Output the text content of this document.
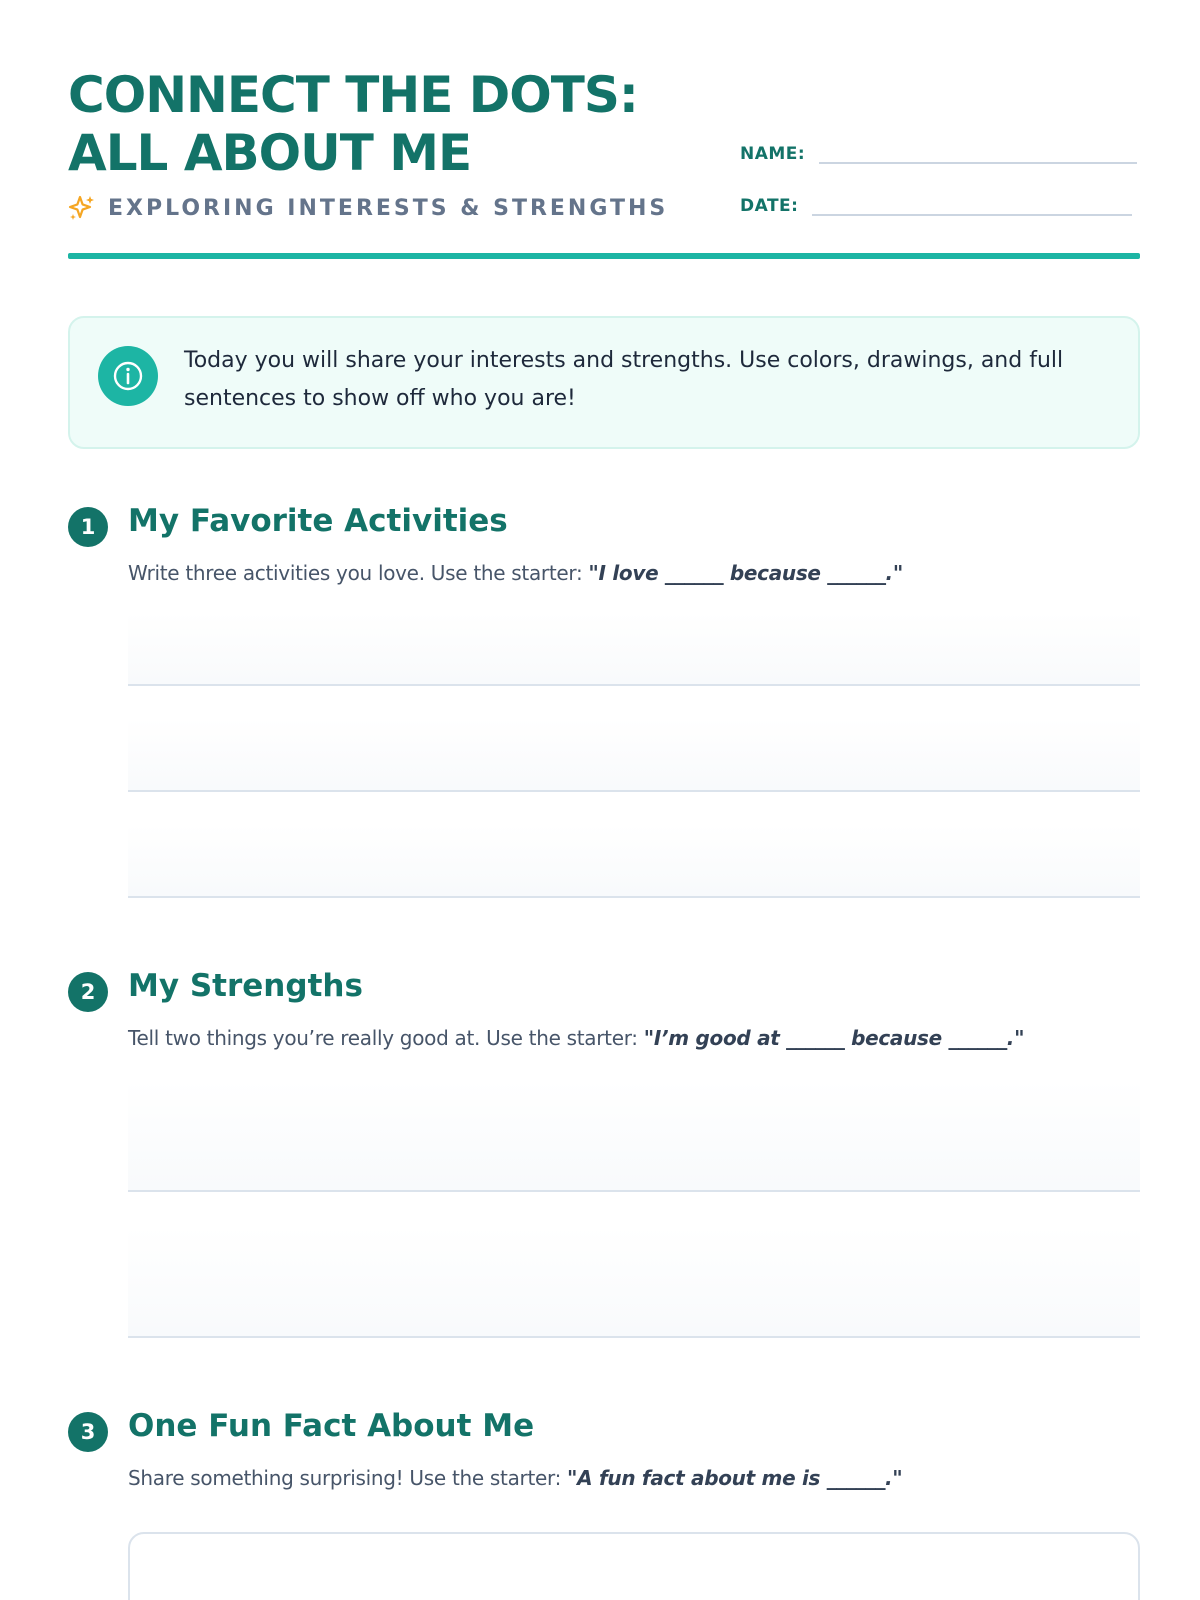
CONNECT THE DOTS: ALL ABOUT ME
EXPLORING INTERESTS & STRENGTHS
NAME:
DATE:
Today you will share your interests and strengths. Use colors, drawings, and full sentences to show off who you are!
1	My Favorite Activities
Write three activities you love. Use the starter: "I love ______ because ______."
2	My Strengths
Tell two things you’re really good at. Use the starter: "I’m good at ______ because ______."
3	One Fun Fact About Me
Share something surprising! Use the starter: "A fun fact about me is ______."
